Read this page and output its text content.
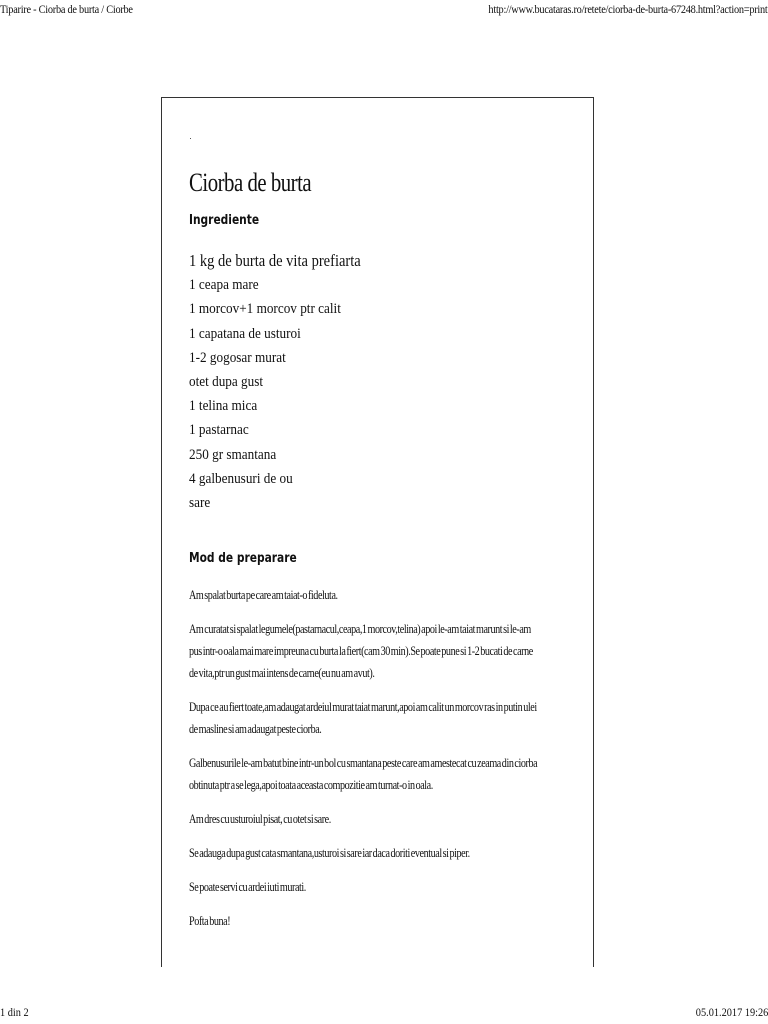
Tiparire - Ciorba de burta / Ciorbe	http://www.bucataras.ro/retete/ciorba-de-burta-67248.html?action=print
Ciorba de burta
Ingrediente
1 kg de burta de vita prefiarta
1 ceapa mare
1 morcov+1 morcov ptr calit
1 capatana de usturoi
1-2 gogosar murat
otet dupa gust
1 telina mica
1 pastarnac
250 gr smantana
4 galbenusuri de ou
sare
Mod de preparare

Am spalat burta pe care am taiat-o fideluta.

Am curatat si spalat legumele(pastarnacul,ceapa,1 morcov,telina) apoi le-am taiat marunt si le-am pus intr-o oala mai mare impreuna cu burta la fiert(cam 30 min).Se poate pune si 1-2 bucati de carne de vita,ptr un gust mai intens de carne(eu nu am avut).

Dupa ce au fiert toate,am adaugat ardeiul murat taiat marunt,apoi am calit un morcov ras in putin ulei de masline si am adaugat peste ciorba.

Galbenusurile le-am batut bine intr-un bol cu smantana peste care am amestecat cu zeama din ciorba obtinuta ptr a se lega,apoi toata aceasta compozitie am turnat-o in oala.

Am dres cu usturoiul pisat, cu otet si sare.

Se adauga dupa gust cata smantana,usturoi si sare iar daca doriti eventual si piper.

Se poate servi cu ardei iuti murati.

Pofta buna!

1 din 2	05.01.2017 19:26
